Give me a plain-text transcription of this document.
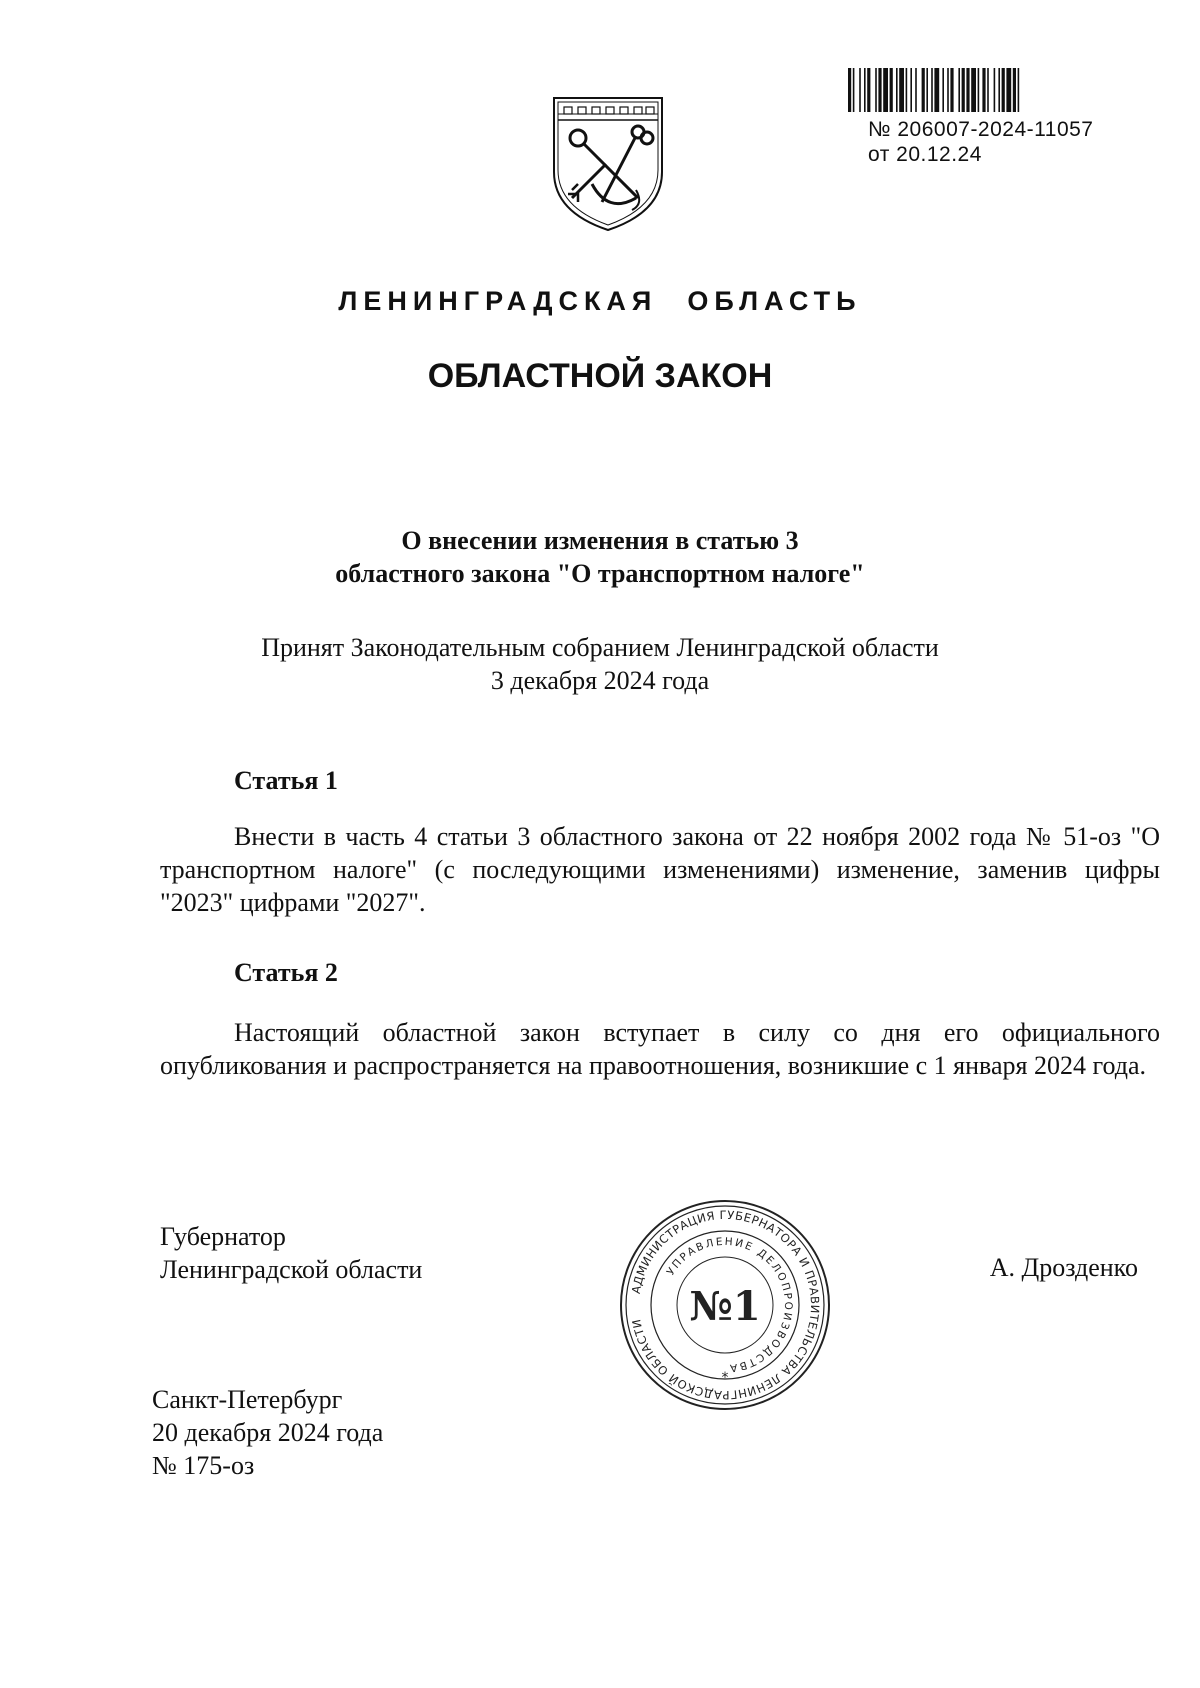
№ 206007-2024-11057
от 20.12.24
ЛЕНИНГРАДСКАЯ ОБЛАСТЬ
ОБЛАСТНОЙ ЗАКОН
О внесении изменения в статью 3
областного закона "О транспортном налоге"
Принят Законодательным собранием Ленинградской области
3 декабря 2024 года
Статья 1
Внести в часть 4 статьи 3 областного закона от 22 ноября 2002 года № 51-оз "О транспортном налоге" (с последующими изменениями) изменение, заменив цифры "2023" цифрами "2027".
Статья 2
Настоящий областной закон вступает в силу со дня его официального опубликования и распространяется на правоотношения, возникшие с 1 января 2024 года.
Губернатор
Ленинградской области	А. Дрозденко
АДМИНИСТРАЦИЯ ГУБЕРНАТОРА И ПРАВИТЕЛЬСТВА ЛЕНИНГРАДСКОЙ ОБЛАСТИ
УПРАВЛЕНИЕ ДЕЛОПРОИЗВОДСТВА
№1
*
Санкт-Петербург
20 декабря 2024 года
№ 175-оз
